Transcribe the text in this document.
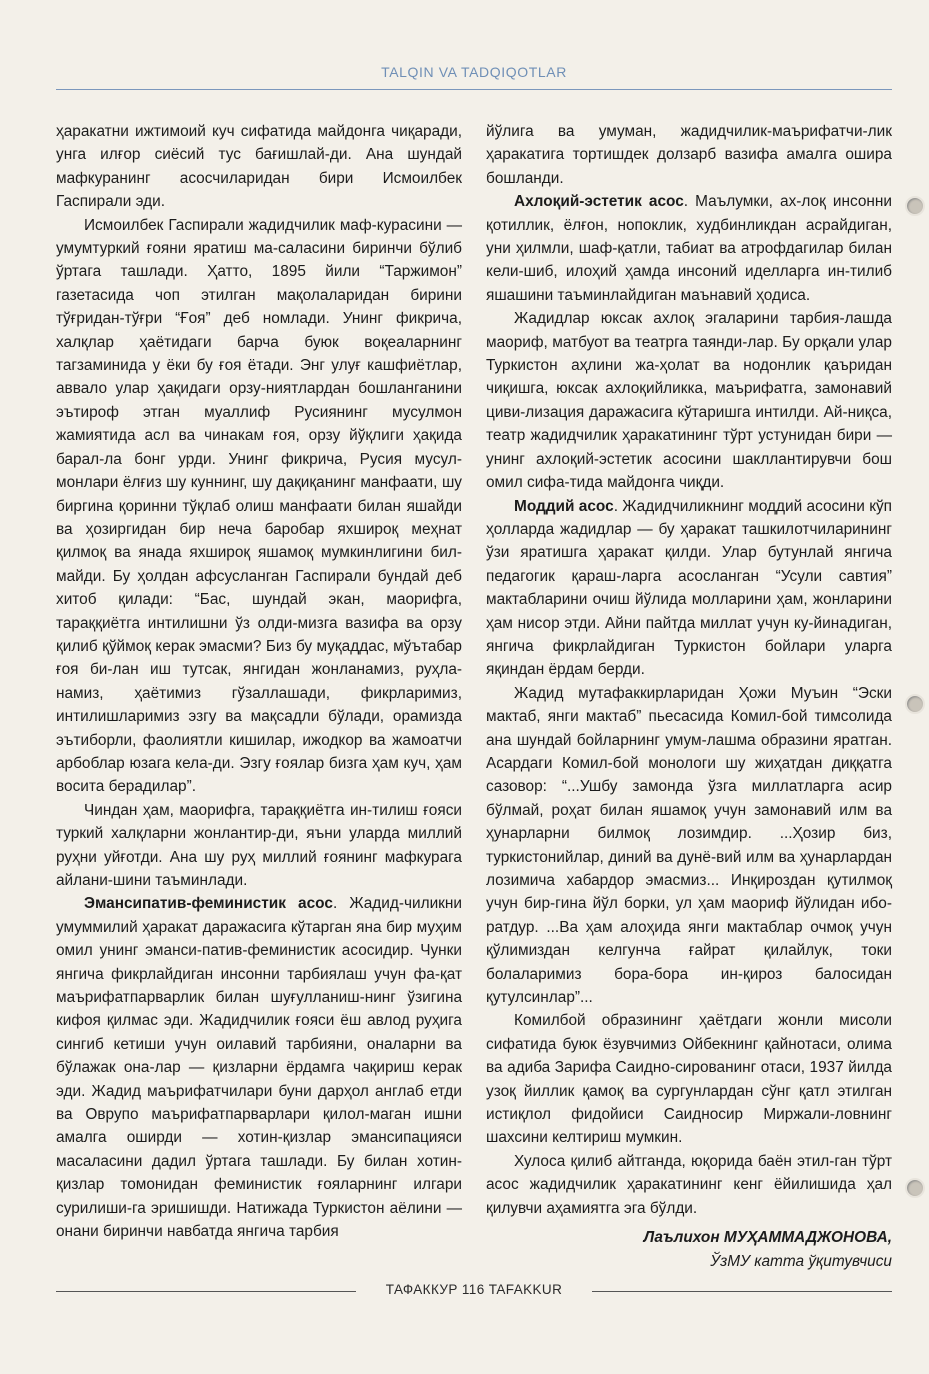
TALQIN VA TADQIQOTLAR

ҳаракатни ижтимоий куч сифатида майдонга чиқаради, унга илғор сиёсий тус бағишлай-ди. Ана шундай мафкуранинг асосчиларидан бири Исмоилбек Гаспирали эди.

Исмоилбек Гаспирали жадидчилик маф-курасини — умумтуркий ғояни яратиш ма-саласини биринчи бўлиб ўртага ташлади. Ҳатто, 1895 йили “Таржимон” газетасида чоп этилган мақолаларидан бирини тўғридан-тўғри “Ғоя” деб номлади. Унинг фикрича, халқлар ҳаётидаги барча буюк воқеаларнинг тагзаминида у ёки бу ғоя ётади. Энг улуғ кашфиётлар, аввало улар ҳақидаги орзу-ниятлардан бошланганини эътироф этган муаллиф Русиянинг мусулмон жамиятида асл ва чинакам ғоя, орзу йўқлиги ҳақида барал-ла бонг урди. Унинг фикрича, Русия мусул-монлари ёлғиз шу куннинг, шу дақиқанинг манфаати, шу биргина қоринни тўқлаб олиш манфаати билан яшайди ва ҳозиргидан бир неча баробар яхшироқ меҳнат қилмоқ ва янада яхшироқ яшамоқ мумкинлигини бил-майди. Бу ҳолдан афсусланган Гаспирали бундай деб хитоб қилади: “Бас, шундай экан, маорифга, тараққиётга интилишни ўз олди-мизга вазифа ва орзу қилиб қўймоқ керак эмасми? Биз бу муқаддас, мўътабар ғоя би-лан иш тутсак, янгидан жонланамиз, руҳла-намиз, ҳаётимиз гўзаллашади, фикрларимиз, интилишларимиз эзгу ва мақсадли бўлади, орамизда эътиборли, фаолиятли кишилар, ижодкор ва жамоатчи арбоблар юзага кела-ди. Эзгу ғоялар бизга ҳам куч, ҳам восита берадилар”.

Чиндан ҳам, маорифга, тараққиётга ин-тилиш ғояси туркий халқларни жонлантир-ди, яъни уларда миллий руҳни уйғотди. Ана шу руҳ миллий ғоянинг мафкурага айлани-шини таъминлади.

Эмансипатив-феминистик асос. Жадид-чиликни умуммилий ҳаракат даражасига кўтарган яна бир муҳим омил унинг эманси-патив-феминистик асосидир. Чунки янгича фикрлайдиган инсонни тарбиялаш учун фа-қат маърифатпарварлик билан шуғулланиш-нинг ўзигина кифоя қилмас эди. Жадидчилик ғояси ёш авлод руҳига сингиб кетиши учун оилавий тарбияни, оналарни ва бўлажак она-лар — қизларни ёрдамга чақириш керак эди. Жадид маърифатчилари буни дарҳол англаб етди ва Оврупо маърифатпарварлари қилол-маган ишни амалга оширди — хотин-қизлар эмансипацияси масаласини дадил ўртага ташлади. Бу билан хотин-қизлар томонидан феминистик ғояларнинг илгари сурилиши-га эришишди. Натижада Туркистон аёлини — онани биринчи навбатда янгича тарбия

йўлига ва умуман, жадидчилик-маърифатчи-лик ҳаракатига тортишдек долзарб вазифа амалга ошира бошланди.

Ахлоқий-эстетик асос. Маълумки, ах-лоқ инсонни қотиллик, ёлғон, нопоклик, худбинликдан асрайдиган, уни ҳилмли, шаф-қатли, табиат ва атрофдагилар билан кели-шиб, илоҳий ҳамда инсоний иделларга ин-тилиб яшашини таъминлайдиган маънавий ҳодиса.

Жадидлар юксак ахлоқ эгаларини тарбия-лашда маориф, матбуот ва театрга таянди-лар. Бу орқали улар Туркистон аҳлини жа-ҳолат ва нодонлик қаъридан чиқишга, юксак ахлоқийликка, маърифатга, замонавий циви-лизация даражасига кўтаришга интилди. Ай-ниқса, театр жадидчилик ҳаракатининг тўрт устунидан бири — унинг ахлоқий-эстетик асосини шакллантирувчи бош омил сифа-тида майдонга чиқди.

Моддий асос. Жадидчиликнинг моддий асосини кўп ҳолларда жадидлар — бу ҳаракат ташкилотчиларининг ўзи яратишга ҳаракат қилди. Улар бутунлай янгича педагогик қараш-ларга асосланган “Усули савтия” мактабларини очиш йўлида молларини ҳам, жонларини ҳам нисор этди. Айни пайтда миллат учун ку-йинадиган, янгича фикрлайдиган Туркистон бойлари уларга яқиндан ёрдам берди.

Жадид мутафаккирларидан Ҳожи Муъин “Эски мактаб, янги мактаб” пьесасида Комил-бой тимсолида ана шундай бойларнинг умум-лашма образини яратган. Асардаги Комил-бой монологи шу жиҳатдан диққатга сазовор: “...Ушбу замонда ўзга миллатларга асир бўлмай, роҳат билан яшамоқ учун замонавий илм ва ҳунарларни билмоқ лозимдир. ...Ҳозир биз, туркистонийлар, диний ва дунё-вий илм ва ҳунарлардан лозимича хабардор эмасмиз... Инқироздан қутилмоқ учун бир-гина йўл борки, ул ҳам маориф йўлидан ибо-ратдур. ...Ва ҳам алоҳида янги мактаблар очмоқ учун қўлимиздан келгунча ғайрат қилайлук, токи болаларимиз бора-бора ин-қироз балосидан қутулсинлар”...

Комилбой образининг ҳаётдаги жонли мисоли сифатида буюк ёзувчимиз Ойбекнинг қайнотаси, олима ва адиба Зарифа Саидно-сированинг отаси, 1937 йилда узоқ йиллик қамоқ ва сургунлардан сўнг қатл этилган истиқлол фидойиси Саидносир Миржали-ловнинг шахсини келтириш мумкин.

Хулоса қилиб айтганда, юқорида баён этил-ган тўрт асос жадидчилик ҳаракатининг кенг ёйилишида ҳал қилувчи аҳамиятга эга бўлди.

Лаълихон МУҲАММАДЖОНОВА,

ЎзМУ катта ўқитувчиси

ТАФАККУР 116 TAFAKKUR
